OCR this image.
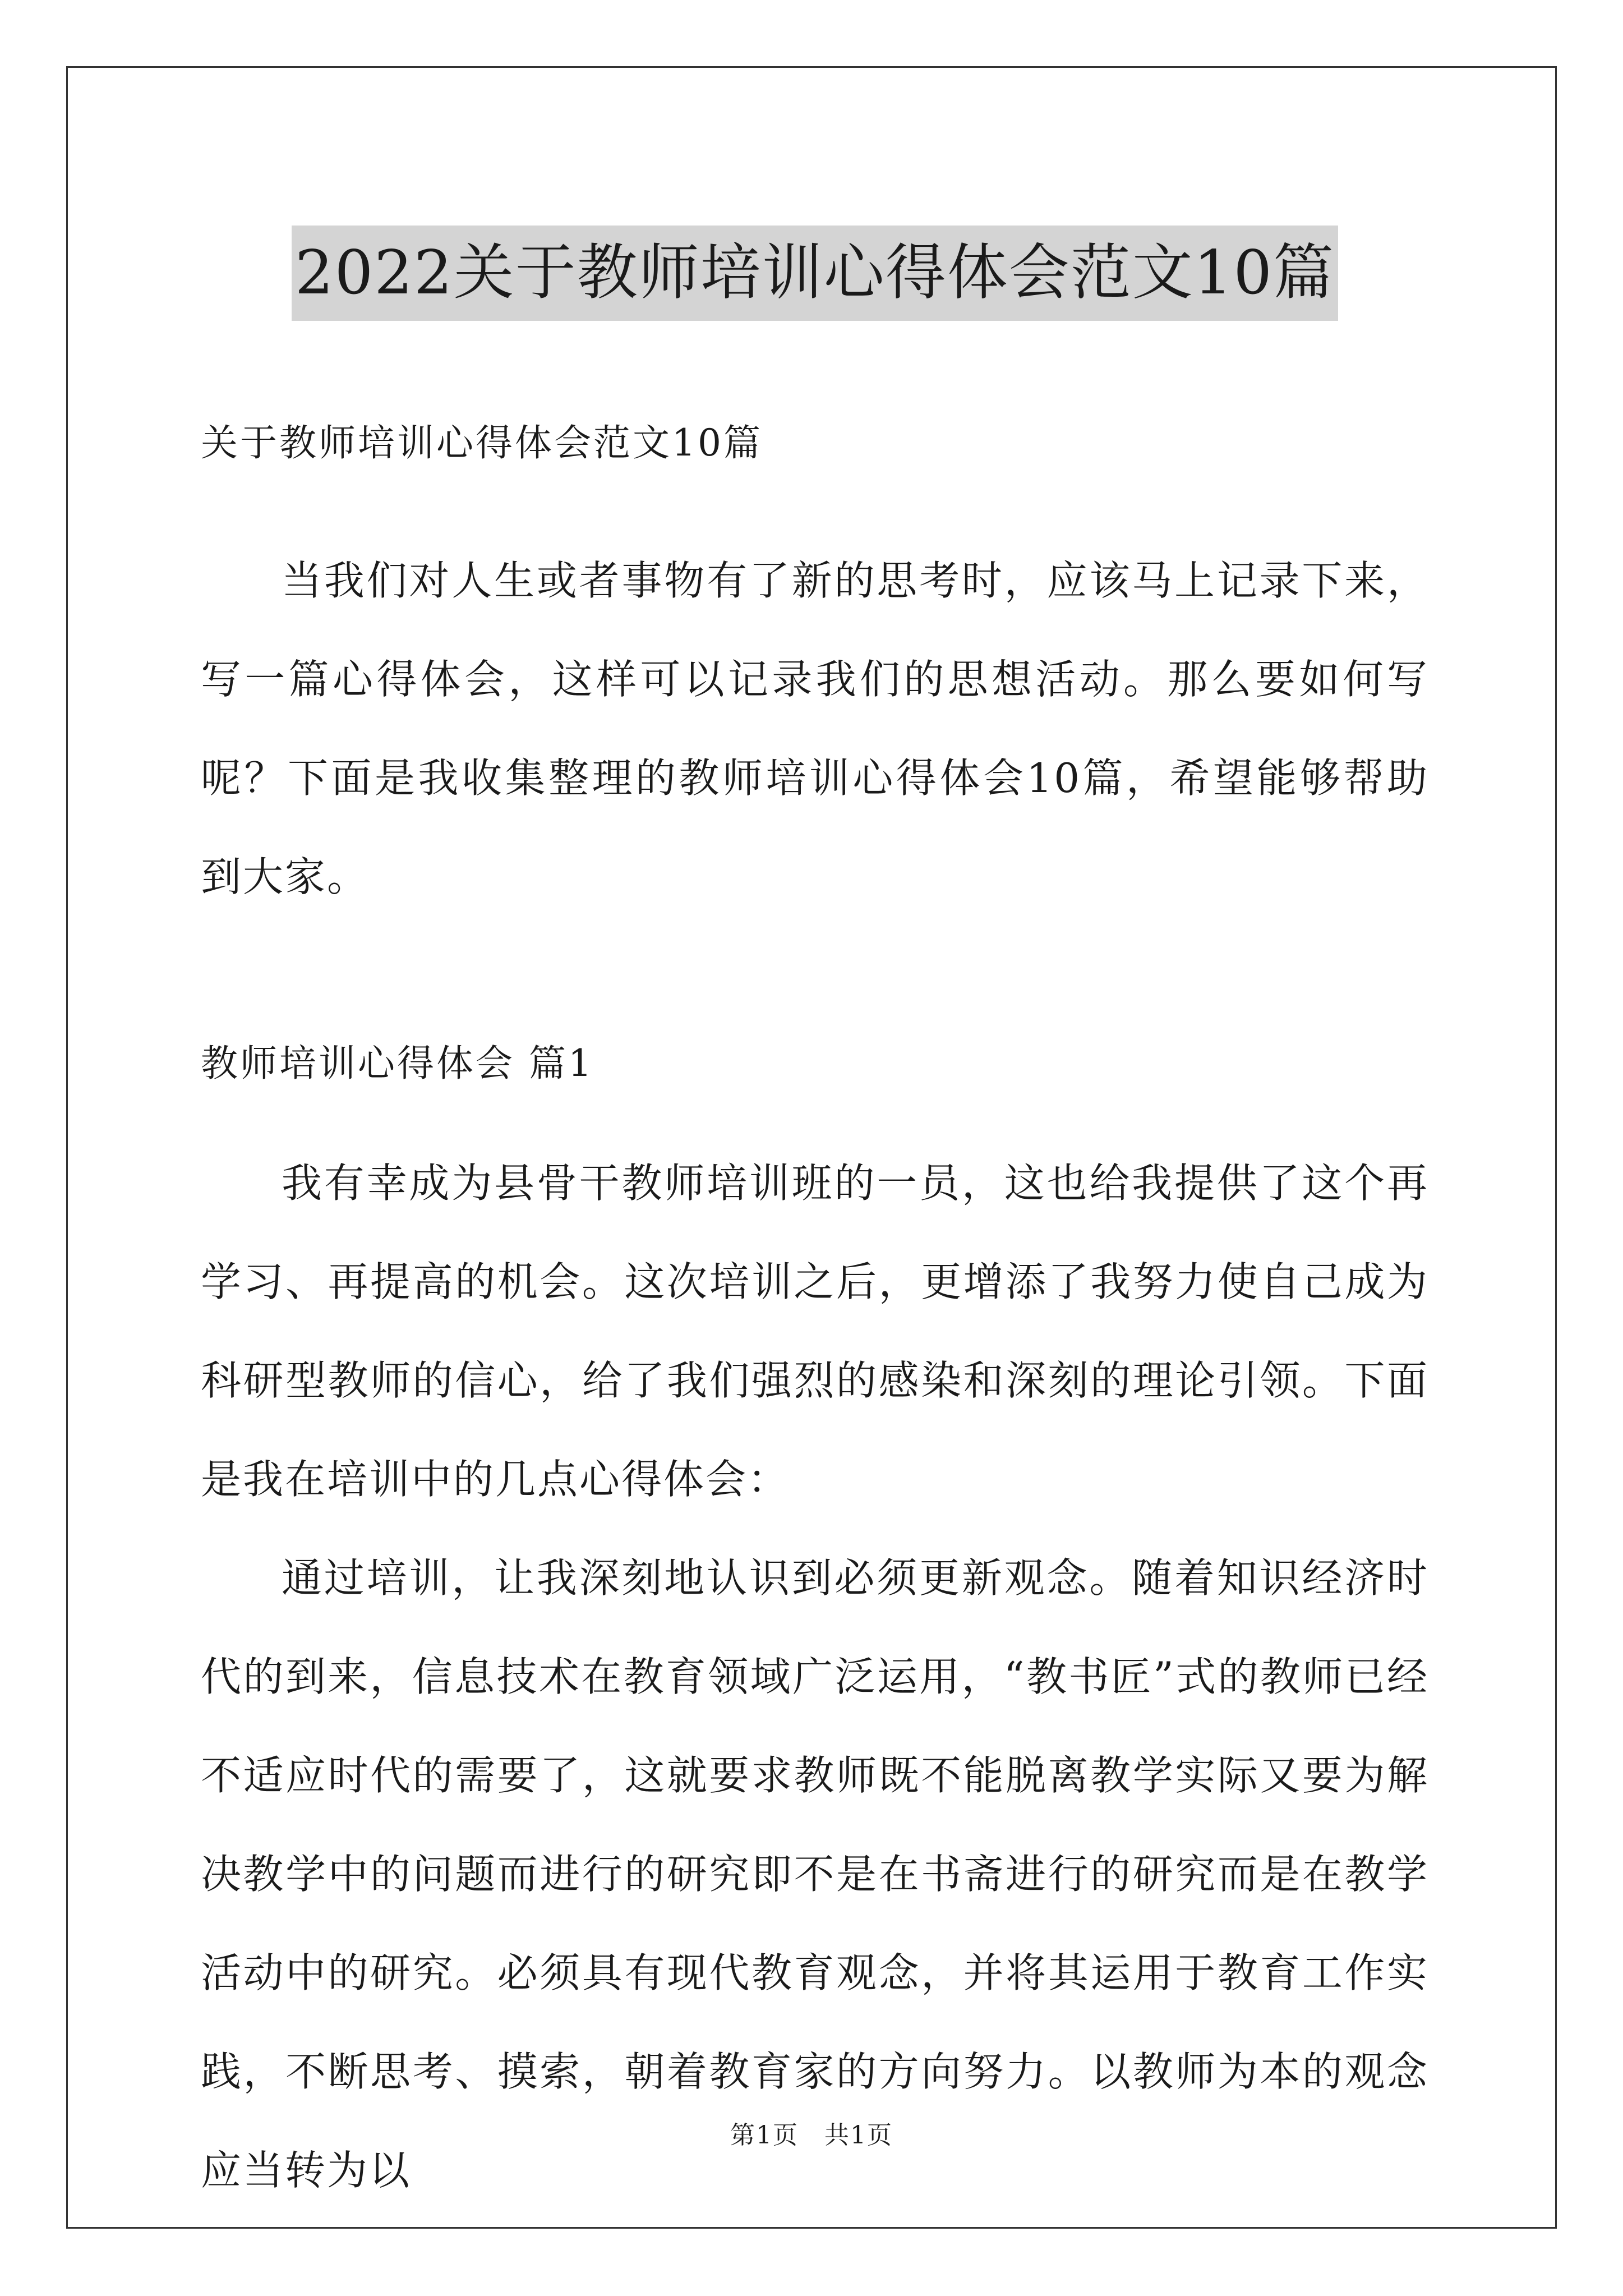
2022关于教师培训心得体会范文10篇
关于教师培训心得体会范文10篇

当我们对人生或者事物有了新的思考时，应该马上记录下来，写一篇心得体会，这样可以记录我们的思想活动。那么要如何写呢？下面是我收集整理的教师培训心得体会10篇，希望能够帮助到大家。

教师培训心得体会 篇1

我有幸成为县骨干教师培训班的一员，这也给我提供了这个再学习、再提高的机会。这次培训之后，更增添了我努力使自己成为科研型教师的信心，给了我们强烈的感染和深刻的理论引领。下面是我在培训中的几点心得体会：

通过培训，让我深刻地认识到必须更新观念。随着知识经济时代的到来，信息技术在教育领域广泛运用，“教书匠”式的教师已经不适应时代的需要了，这就要求教师既不能脱离教学实际又要为解决教学中的问题而进行的研究即不是在书斋进行的研究而是在教学活动中的研究。必须具有现代教育观念，并将其运用于教育工作实践，不断思考、摸索，朝着教育家的方向努力。以教师为本的观念应当转为以

第1页　共1页
